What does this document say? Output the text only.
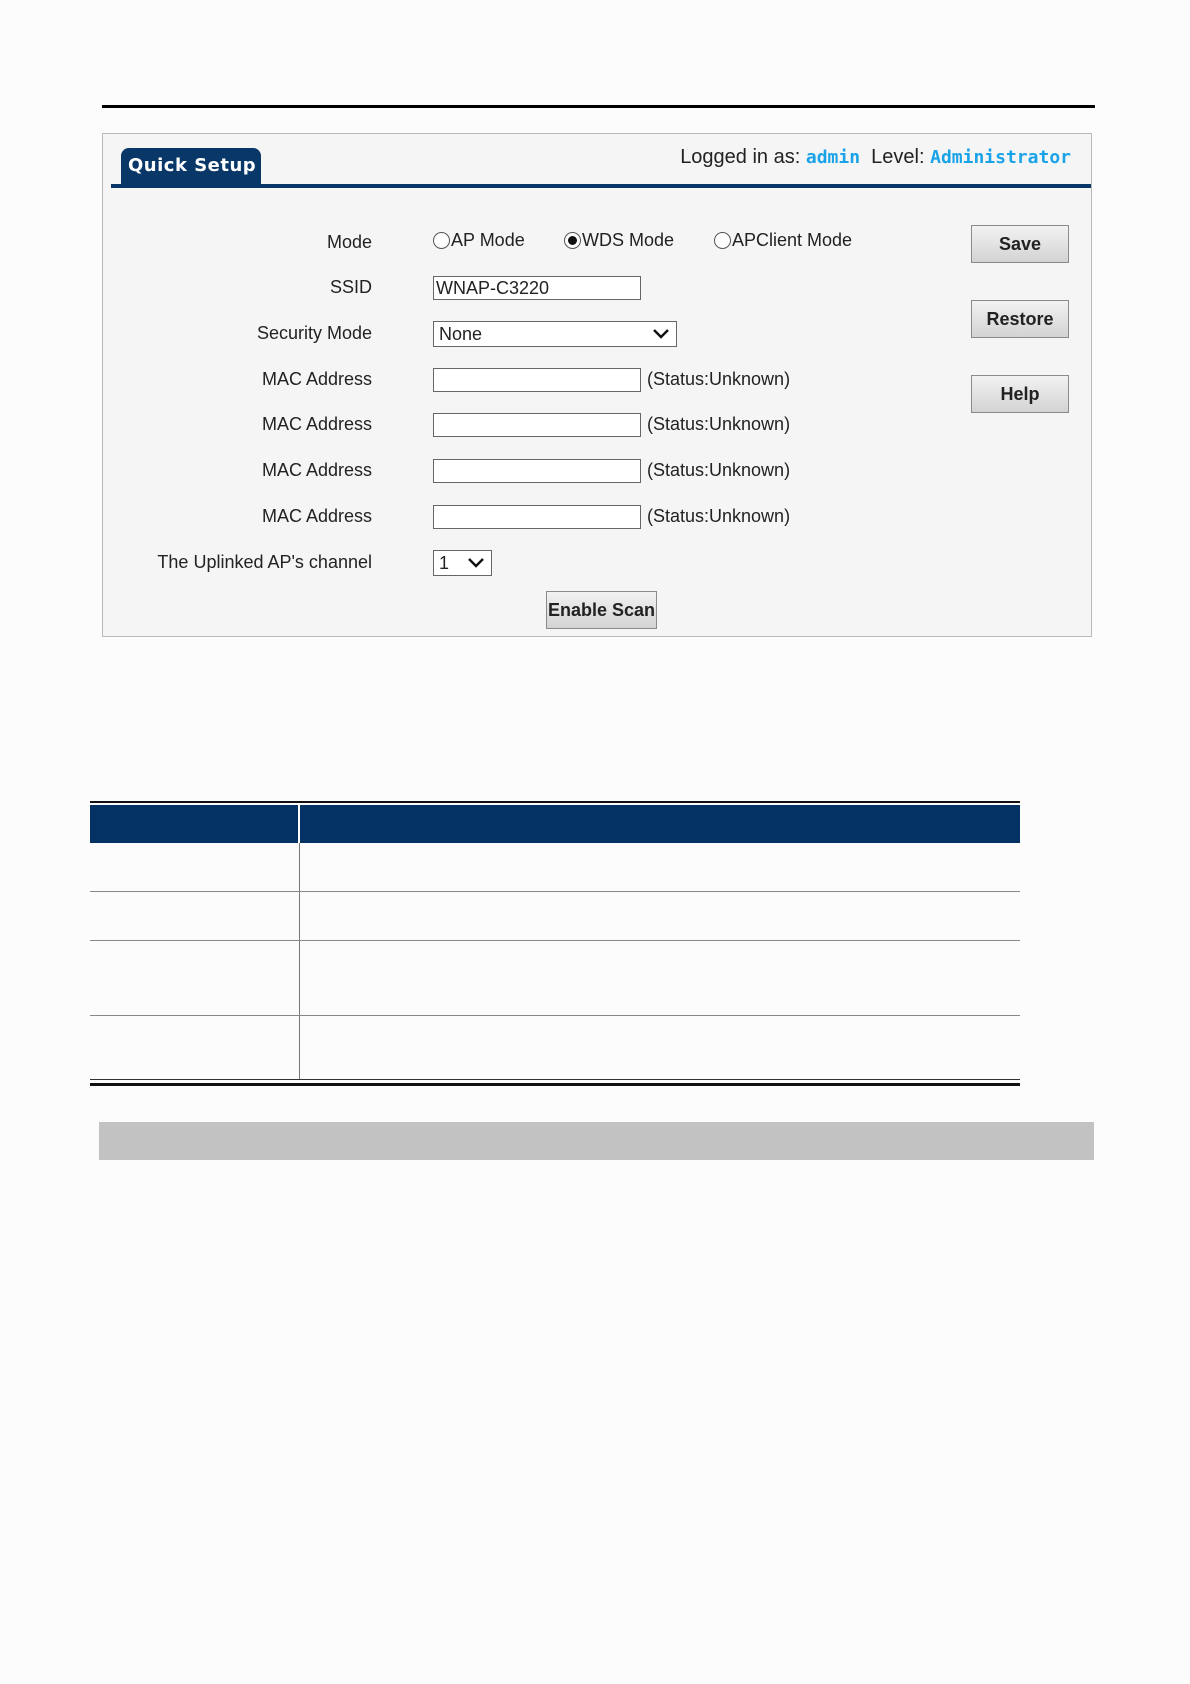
Quick Setup	Logged in as: admin Level: Administrator
Mode	AP Mode	WDS Mode	APClient Mode
SSID	WNAP-C3220
Security Mode	None
MAC Address	(Status:Unknown)
MAC Address	(Status:Unknown)
MAC Address	(Status:Unknown)
MAC Address	(Status:Unknown)
The Uplinked AP's channel	1
Enable Scan
Save
Restore
Help
